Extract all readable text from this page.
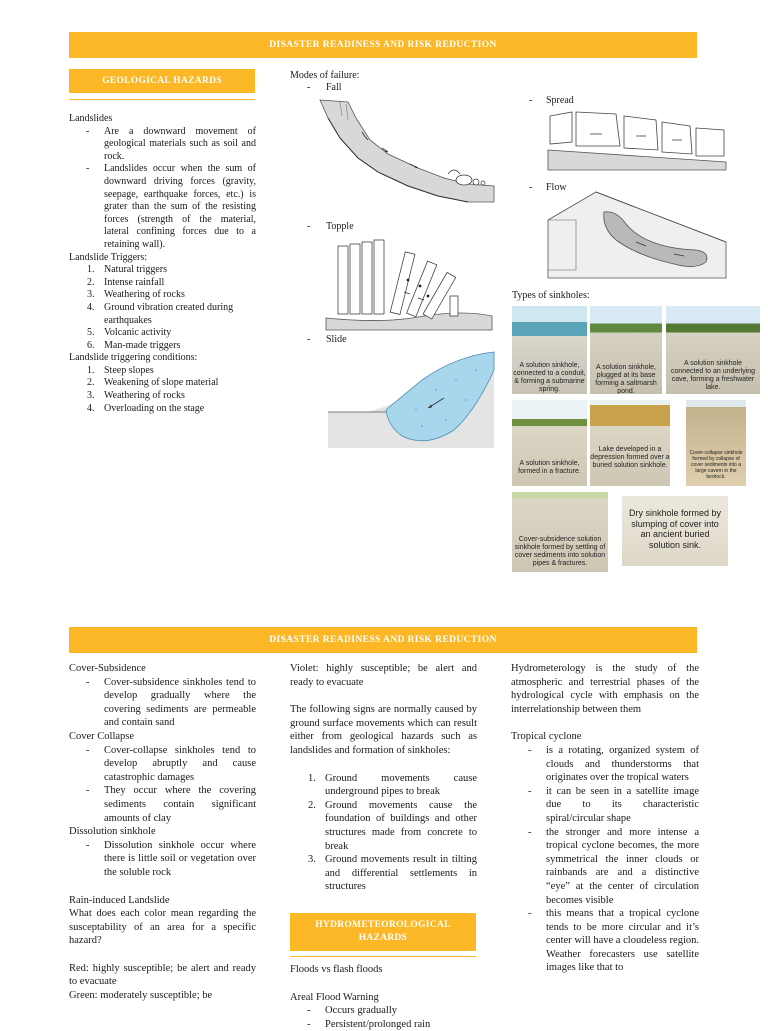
DISASTER READINESS AND RISK REDUCTION
GEOLOGICAL HAZARDS
Landslides
- Are a downward movement of geological materials such as soil and rock.
- Landslides occur when the sum of downward driving forces (gravity, seepage, earthquake forces, etc.) is grater than the sum of the resisting forces (strength of the material, lateral confining forces due to a retaining wall).
Landslide Triggers:
1. Natural triggers
2. Intense rainfall
3. Weathering of rocks
4. Ground vibration created during earthquakes
5. Volcanic activity
6. Man-made triggers
Landslide triggering conditions:
1. Steep slopes
2. Weakening of slope material
3. Weathering of rocks
4. Overloading on the stage
Modes of failure:
- Fall
- Topple
- Slide
- Spread
- Flow
Types of sinkholes:
A solution sinkhole, connected to a conduit, & forming a submarine spring.
A solution sinkhole, plugged at its base forming a saltmarsh pond.
A solution sinkhole connected to an underlying cave, forming a freshwater lake.
A solution sinkhole, formed in a fracture.
Lake developed in a depression formed over a buried solution sinkhole.
Cover-collapse sinkhole formed by collapse of cover sediments into a large cavern in the bedrock.
Cover-subsidence solution sinkhole formed by settling of cover sediments into solution pipes & fractures.
Dry sinkhole formed by slumping of cover into an ancient buried solution sink.
DISASTER READINESS AND RISK REDUCTION
Cover-Subsidence
- Cover-subsidence sinkholes tend to develop gradually where the covering sediments are permeable and contain sand
Cover Collapse
- Cover-collapse sinkholes tend to develop abruptly and cause catastrophic damages
- They occur where the covering sediments contain significant amounts of clay
Dissolution sinkhole
- Dissolution sinkhole occur where there is little soil or vegetation over the soluble rock
Rain-induced Landslide
What does each color mean regarding the susceptability of an area for a specific hazard?
Red: highly susceptible; be alert and ready to evacuate
Green: moderately susceptible; be
Violet: highly susceptible; be alert and ready to evacuate
The following signs are normally caused by ground surface movements which can result either from geological hazards such as landslides and formation of sinkholes:
1. Ground movements cause underground pipes to break
2. Ground movements cause the foundation of buildings and other structures made from concrete to break
3. Ground movements result in tilting and differential settlements in structures
HYDROMETEOROLOGICAL HAZARDS
Floods vs flash floods
Areal Flood Warning
- Occurs gradually
- Persistent/prolonged rain
Hydrometerology is the study of the atmospheric and terrestrial phases of the hydrological cycle with emphasis on the interrelationship between them
Tropical cyclone
- is a rotating, organized system of clouds and thunderstorms that originates over the tropical waters
- it can be seen in a satellite image due to its characteristic spiral/circular shape
- the stronger and more intense a tropical cyclone becomes, the more symmetrical the inner clouds or rainbands are and a distinctive “eye” at the center of circulation becomes visible
- this means that a tropical cyclone tends to be more circular and it’s center will have a cloudeless region. Weather forecasters use satellite images like that to
